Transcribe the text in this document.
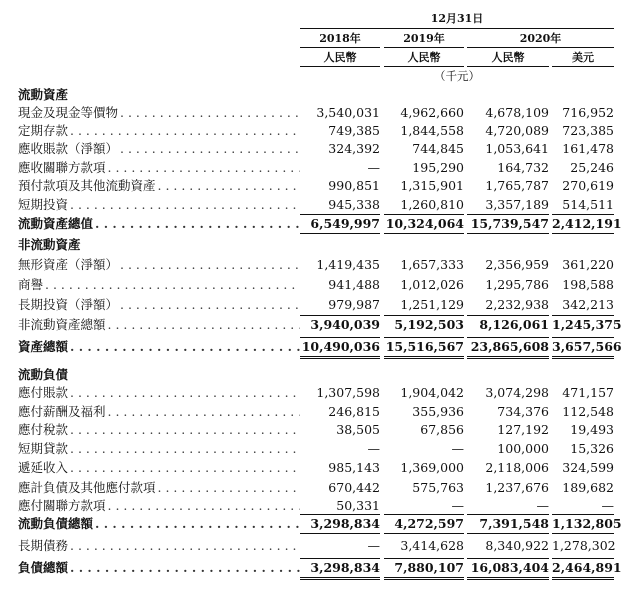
12月31日
2018年	2019年	2020年
人民幣	人民幣	人民幣	美元
（千元）
流動資產
現金及現金等價物 . . .	3,540,031	4,962,660	4,678,109	716,952
定期存款 . . .	749,385	1,844,558	4,720,089	723,385
應收賬款（淨額） . . .	324,392	744,845	1,053,641	161,478
應收關聯方款項 . . .	—	195,290	164,732	25,246
預付款項及其他流動資產 . . .	990,851	1,315,901	1,765,787	270,619
短期投資 . . .	945,338	1,260,810	3,357,189	514,511
流動資產總值 . . .	6,549,997 10,324,064 15,739,547 2,412,191
非流動資產
無形資產（淨額） . . .	1,419,435	1,657,333	2,356,959	361,220
商譽 . . .	941,488	1,012,026	1,295,786	198,588
長期投資（淨額） . . .	979,987	1,251,129	2,232,938	342,213
非流動資產總額 . . .	3,940,039	5,192,503	8,126,061 1,245,375
資產總額 . . .	10,490,036 15,516,567 23,865,608 3,657,566
流動負債
應付賬款 . . .	1,307,598	1,904,042	3,074,298	471,157
應付薪酬及福利 . . .	246,815	355,936	734,376	112,548
應付稅款 . . .	38,505	67,856	127,192	19,493
短期貸款 . . .	—	—	100,000	15,326
遞延收入 . . .	985,143	1,369,000	2,118,006	324,599
應計負債及其他應付款項 . . .	670,442	575,763	1,237,676	189,682
應付關聯方款項 . . .	50,331	—	—	—
流動負債總額 . . .	3,298,834	4,272,597	7,391,548 1,132,805
長期債務 . . .	—	3,414,628	8,340,922 1,278,302
負債總額 . . .	3,298,834	7,880,107 16,083,404 2,464,891
